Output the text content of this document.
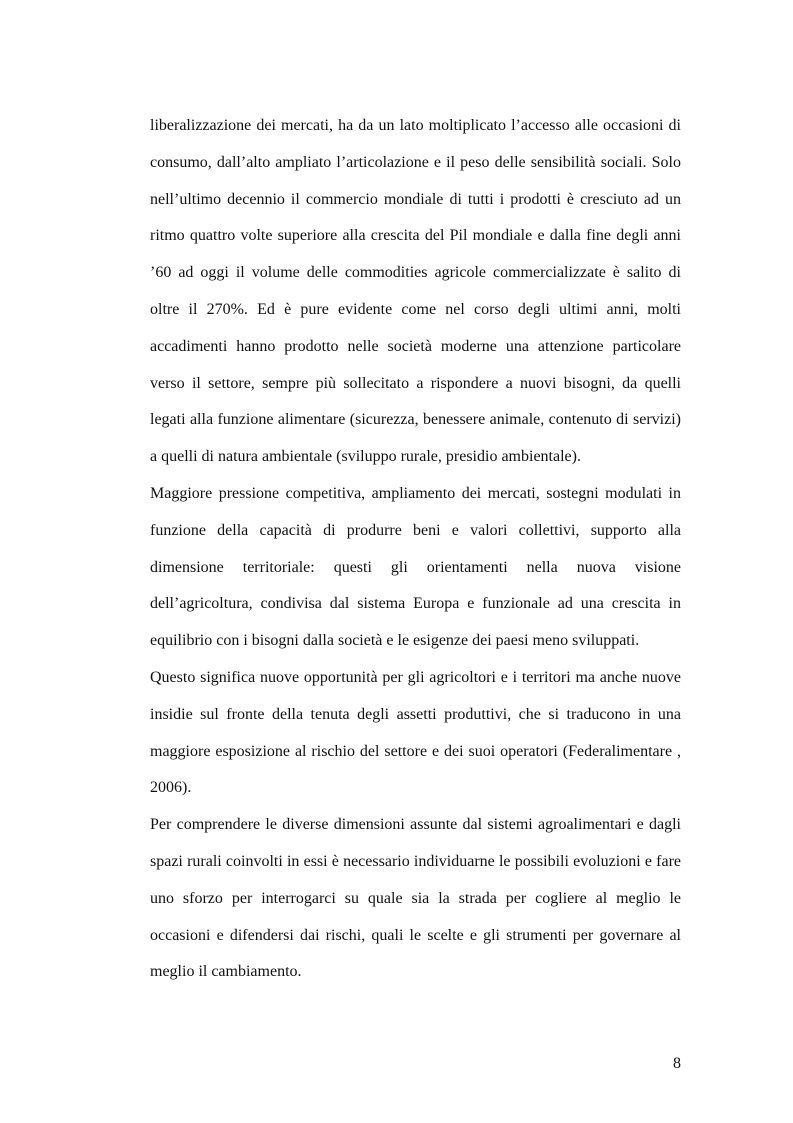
liberalizzazione dei mercati, ha da un lato moltiplicato l’accesso alle occasioni di
consumo, dall’alto ampliato l’articolazione e il peso delle sensibilità sociali. Solo
nell’ultimo decennio il commercio mondiale di tutti i prodotti è cresciuto ad un
ritmo quattro volte superiore alla crescita del Pil mondiale e dalla fine degli anni
’60 ad oggi il volume delle commodities agricole commercializzate è salito di
oltre il 270%. Ed è pure evidente come nel corso degli ultimi anni, molti
accadimenti hanno prodotto nelle società moderne una attenzione particolare
verso il settore, sempre più sollecitato a rispondere a nuovi bisogni, da quelli
legati alla funzione alimentare (sicurezza, benessere animale, contenuto di servizi)
a quelli di natura ambientale (sviluppo rurale, presidio ambientale).

Maggiore pressione competitiva, ampliamento dei mercati, sostegni modulati in
funzione della capacità di produrre beni e valori collettivi, supporto alla
dimensione territoriale: questi gli orientamenti nella nuova visione
dell’agricoltura, condivisa dal sistema Europa e funzionale ad una crescita in
equilibrio con i bisogni dalla società e le esigenze dei paesi meno sviluppati.

Questo significa nuove opportunità per gli agricoltori e i territori ma anche nuove
insidie sul fronte della tenuta degli assetti produttivi, che si traducono in una
maggiore esposizione al rischio del settore e dei suoi operatori (Federalimentare ,
2006).

Per comprendere le diverse dimensioni assunte dal sistemi agroalimentari e dagli
spazi rurali coinvolti in essi è necessario individuarne le possibili evoluzioni e fare
uno sforzo per interrogarci su quale sia la strada per cogliere al meglio le
occasioni e difendersi dai rischi, quali le scelte e gli strumenti per governare al
meglio il cambiamento.

8
